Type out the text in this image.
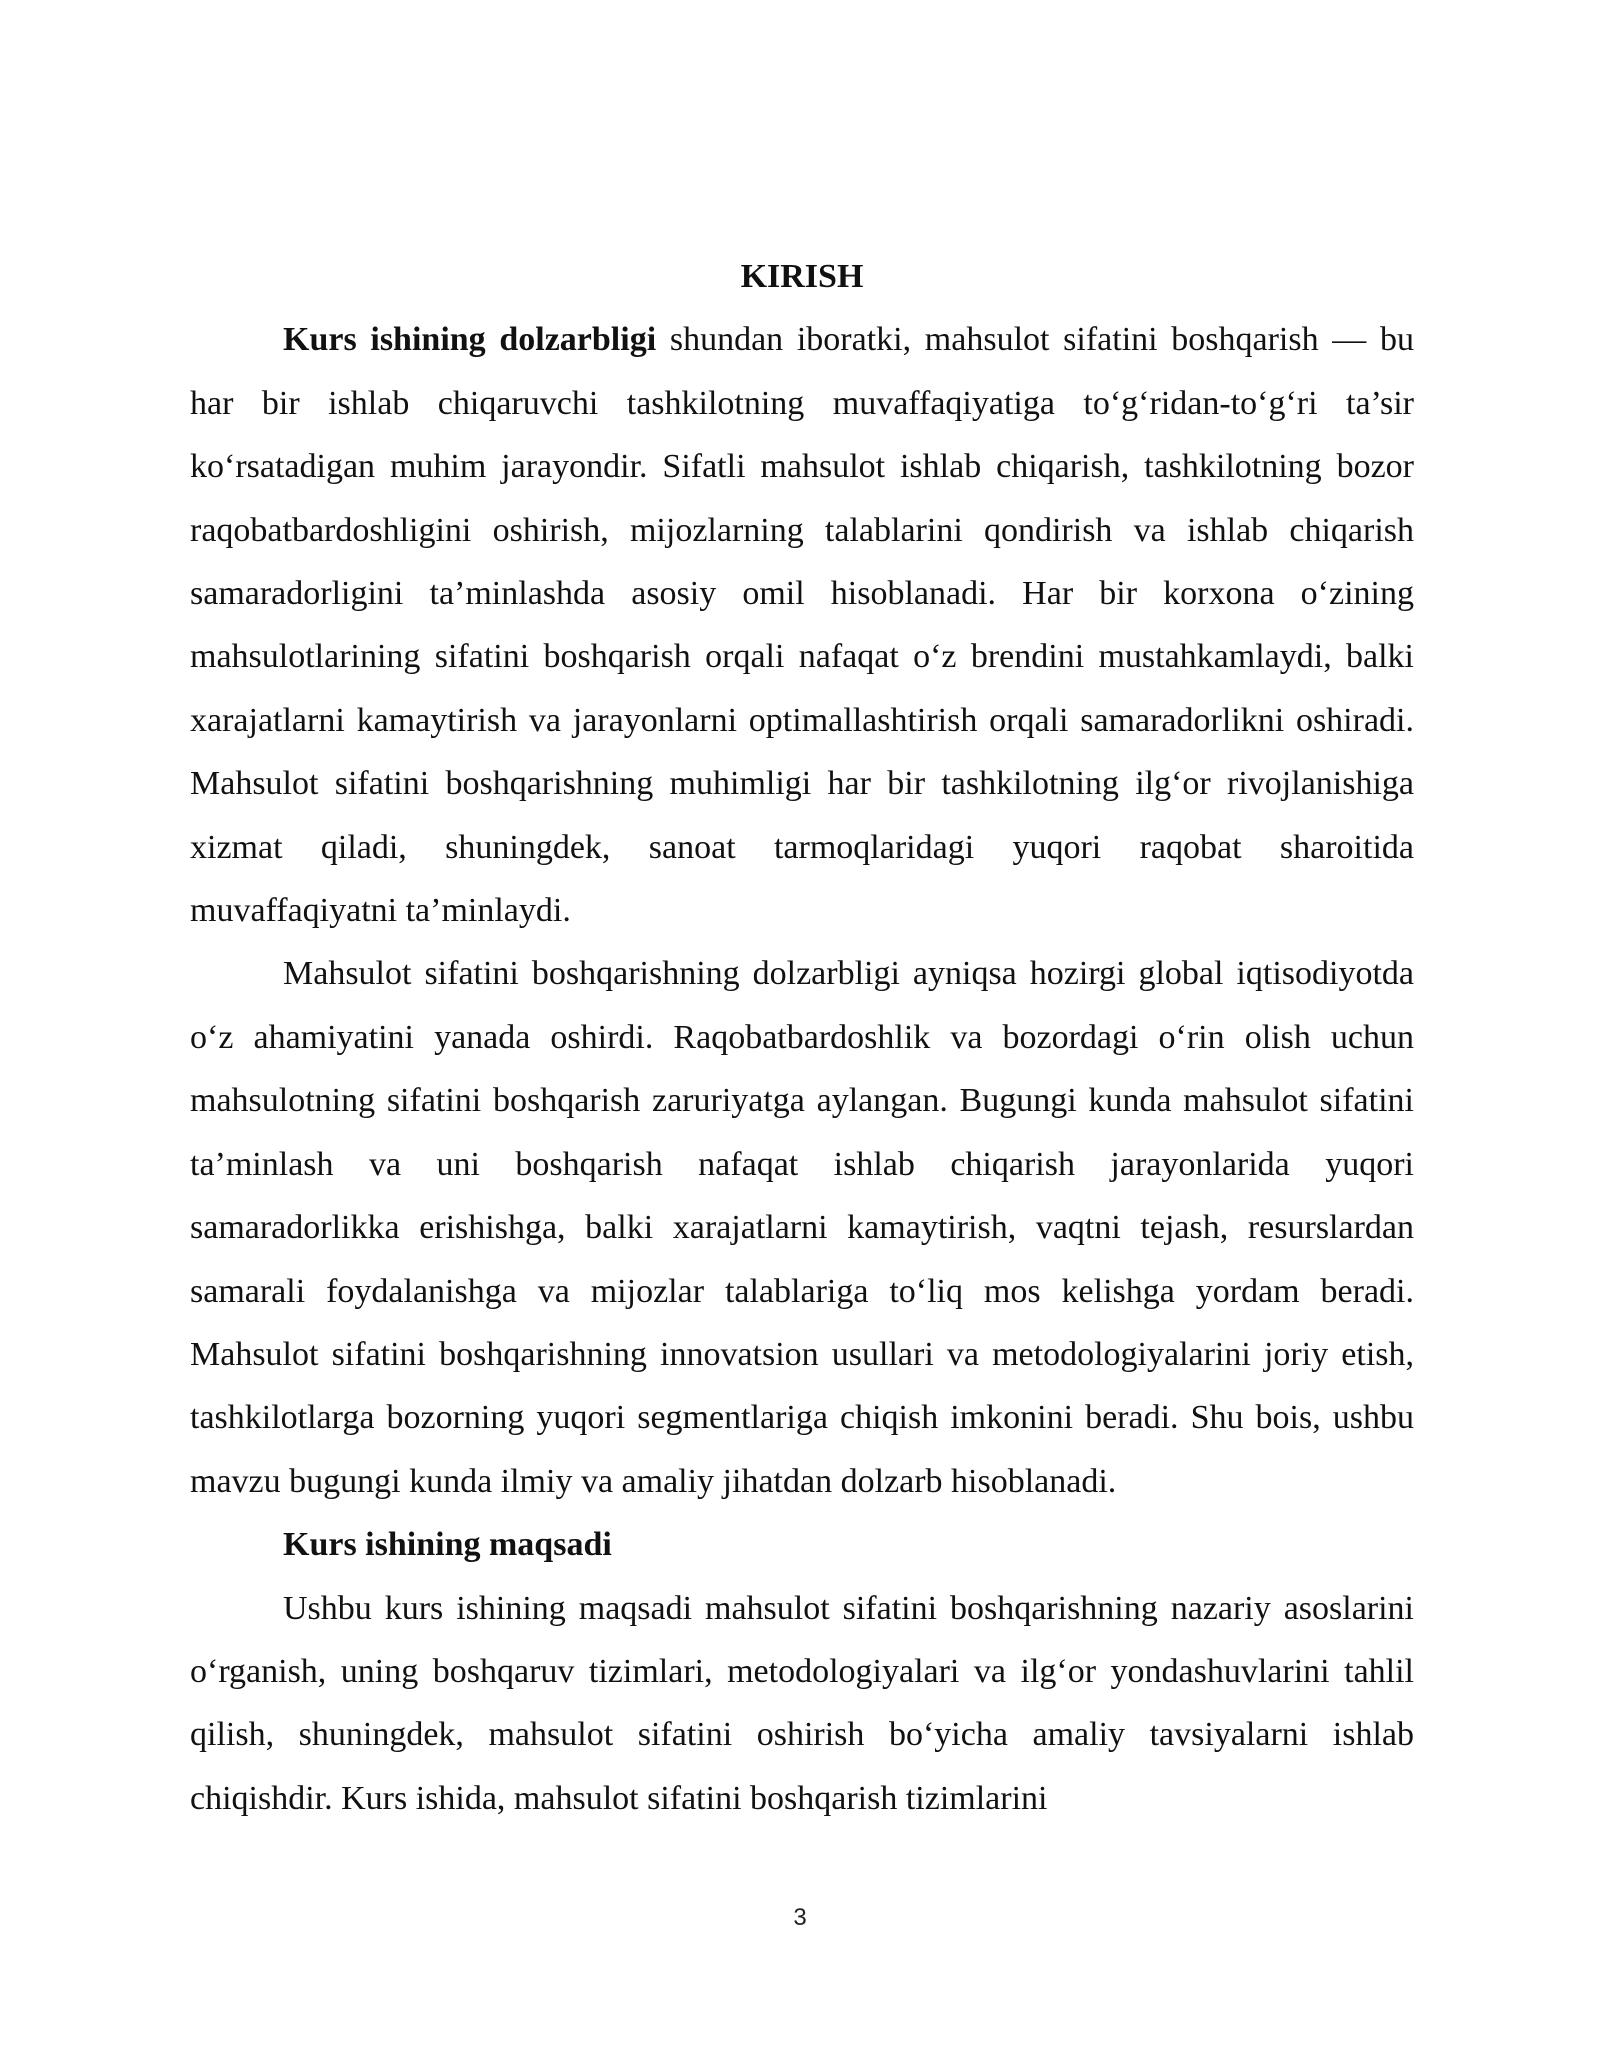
KIRISH

Kurs ishining dolzarbligi shundan iboratki, mahsulot sifatini boshqarish — bu har bir ishlab chiqaruvchi tashkilotning muvaffaqiyatiga to‘g‘ridan-to‘g‘ri ta’sir ko‘rsatadigan muhim jarayondir. Sifatli mahsulot ishlab chiqarish, tashkilotning bozor raqobatbardoshligini oshirish, mijozlarning talablarini qondirish va ishlab chiqarish samaradorligini ta’minlashda asosiy omil hisoblanadi. Har bir korxona o‘zining mahsulotlarining sifatini boshqarish orqali nafaqat o‘z brendini mustahkamlaydi, balki xarajatlarni kamaytirish va jarayonlarni optimallashtirish orqali samaradorlikni oshiradi. Mahsulot sifatini boshqarishning muhimligi har bir tashkilotning ilg‘or rivojlanishiga xizmat qiladi, shuningdek, sanoat tarmoqlaridagi yuqori raqobat sharoitida muvaffaqiyatni ta’minlaydi.

Mahsulot sifatini boshqarishning dolzarbligi ayniqsa hozirgi global iqtisodiyotda o‘z ahamiyatini yanada oshirdi. Raqobatbardoshlik va bozordagi o‘rin olish uchun mahsulotning sifatini boshqarish zaruriyatga aylangan. Bugungi kunda mahsulot sifatini ta’minlash va uni boshqarish nafaqat ishlab chiqarish jarayonlarida yuqori samaradorlikka erishishga, balki xarajatlarni kamaytirish, vaqtni tejash, resurslardan samarali foydalanishga va mijozlar talablariga to‘liq mos kelishga yordam beradi. Mahsulot sifatini boshqarishning innovatsion usullari va metodologiyalarini joriy etish, tashkilotlarga bozorning yuqori segmentlariga chiqish imkonini beradi. Shu bois, ushbu mavzu bugungi kunda ilmiy va amaliy jihatdan dolzarb hisoblanadi.

Kurs ishining maqsadi

Ushbu kurs ishining maqsadi mahsulot sifatini boshqarishning nazariy asoslarini o‘rganish, uning boshqaruv tizimlari, metodologiyalari va ilg‘or yondashuvlarini tahlil qilish, shuningdek, mahsulot sifatini oshirish bo‘yicha amaliy tavsiyalarni ishlab chiqishdir. Kurs ishida, mahsulot sifatini boshqarish tizimlarini

3
